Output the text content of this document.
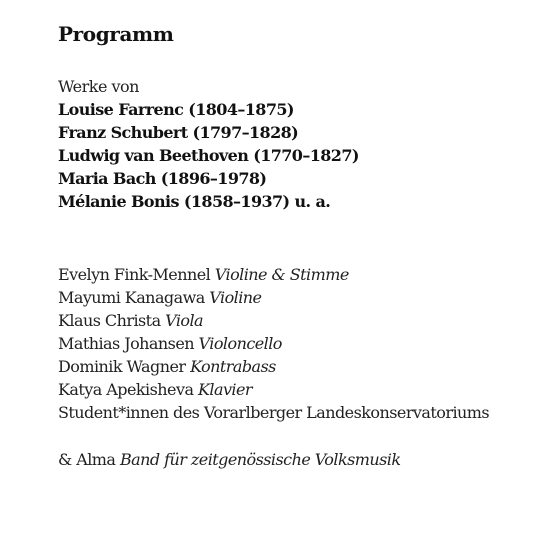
Programm
Werke von
Louise Farrenc (1804–1875)
Franz Schubert (1797–1828)
Ludwig van Beethoven (1770–1827)
Maria Bach (1896–1978)
Mélanie Bonis (1858–1937) u. a.
Evelyn Fink-Mennel Violine & Stimme
Mayumi Kanagawa Violine
Klaus Christa Viola
Mathias Johansen Violoncello
Dominik Wagner Kontrabass
Katya Apekisheva Klavier
Student*innen des Vorarlberger Landeskonservatoriums
& Alma Band für zeitgenössische Volksmusik
